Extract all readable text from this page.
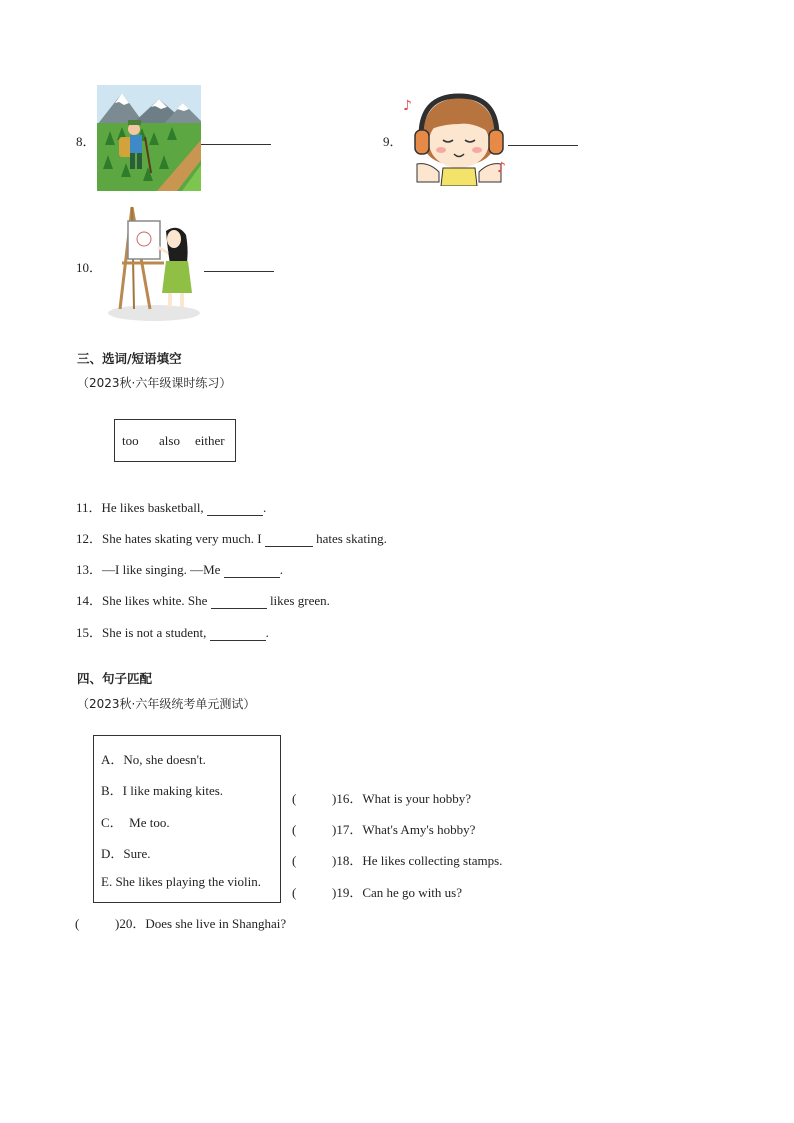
8．	9．
♪
♪
10．
三、选词/短语填空
（2023秋·六年级课时练习）
too also either
11．He likes basketball,	.
12．She hates skating very much. I	hates skating.
13．—I like singing. —Me	.
14．She likes white. She	likes green.
15．She is not a student,	.
四、句子匹配
（2023秋·六年级统考单元测试）
A．No, she doesn't.
B．I like making kites.
C．  Me too.
D．Sure.
E. She likes playing the violin.
(	)16．What is your hobby?
(	)17．What's Amy's hobby?
(	)18．He likes collecting stamps.
(	)19．Can he go with us?
(	)20．Does she live in Shanghai?
